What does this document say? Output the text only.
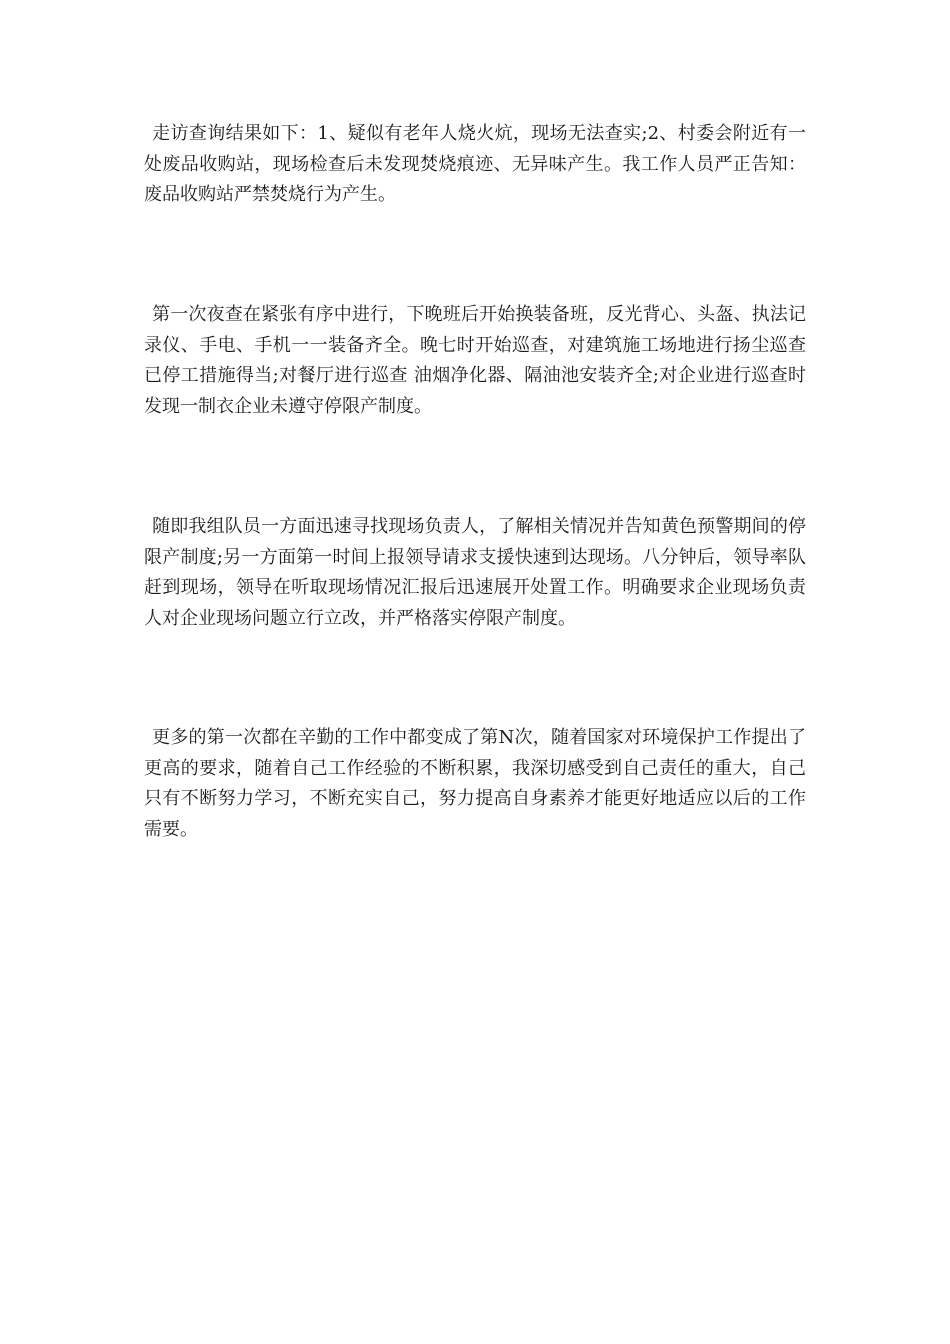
走访查询结果如下：1、疑似有老年人烧火炕，现场无法查实;2、村委会附近有一处废品收购站，现场检查后未发现焚烧痕迹、无异味产生。我工作人员严正告知：废品收购站严禁焚烧行为产生。

第一次夜查在紧张有序中进行，下晚班后开始换装备班，反光背心、头盔、执法记录仪、手电、手机一一装备齐全。晚七时开始巡查，对建筑施工场地进行扬尘巡查 已停工措施得当;对餐厅进行巡查 油烟净化器、隔油池安装齐全;对企业进行巡查时发现一制衣企业未遵守停限产制度。

随即我组队员一方面迅速寻找现场负责人，了解相关情况并告知黄色预警期间的停限产制度;另一方面第一时间上报领导请求支援快速到达现场。八分钟后，领导率队赶到现场，领导在听取现场情况汇报后迅速展开处置工作。明确要求企业现场负责人对企业现场问题立行立改，并严格落实停限产制度。

更多的第一次都在辛勤的工作中都变成了第N次，随着国家对环境保护工作提出了更高的要求，随着自己工作经验的不断积累，我深切感受到自己责任的重大，自己只有不断努力学习，不断充实自己，努力提高自身素养才能更好地适应以后的工作需要。
